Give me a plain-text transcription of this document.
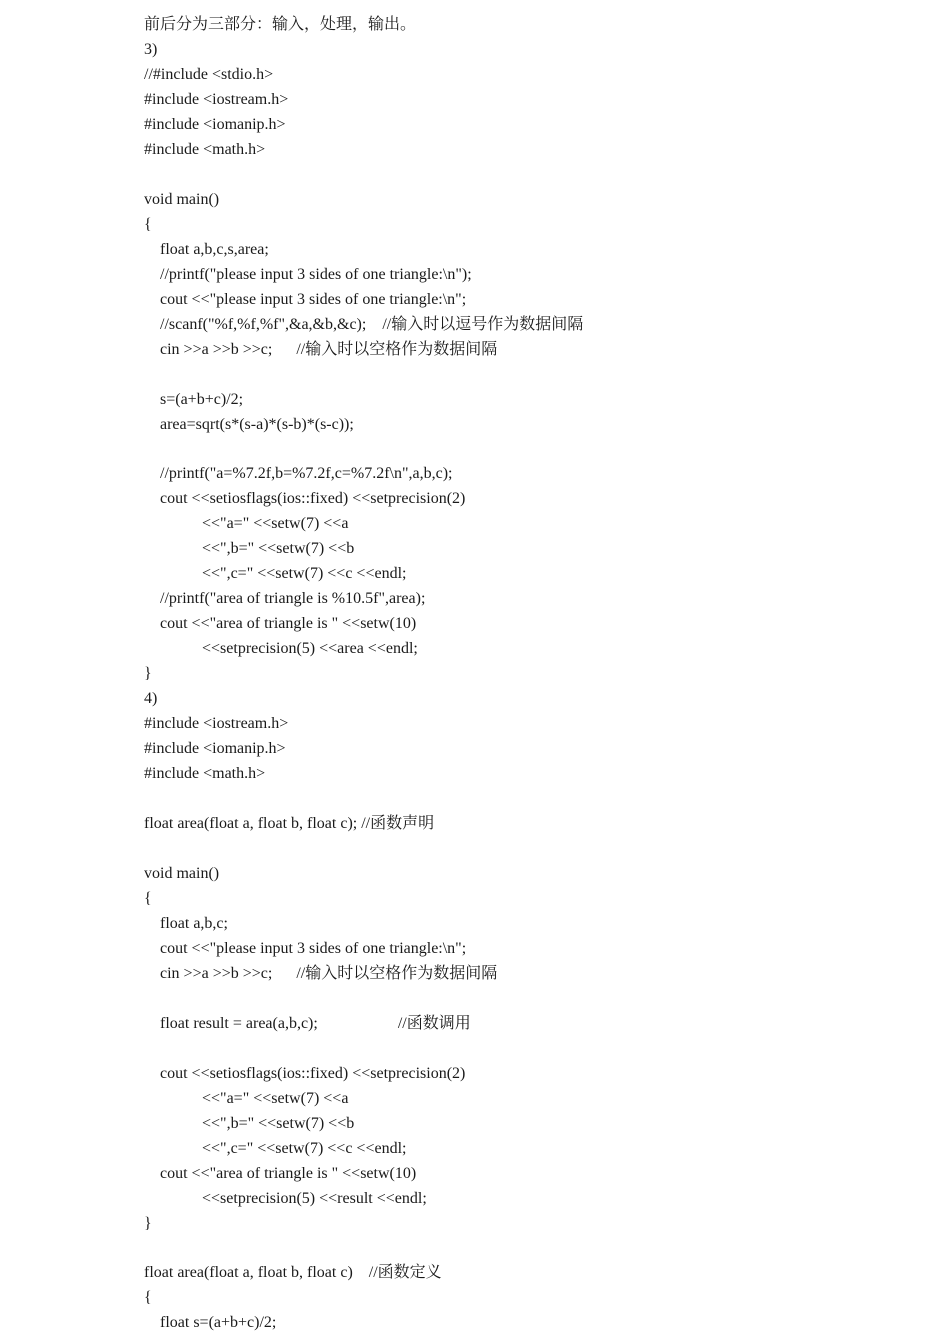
前后分为三部分：输入，处理，输出。
3)
//#include <stdio.h>
#include <iostream.h>
#include <iomanip.h>
#include <math.h>
void main()
{
float a,b,c,s,area;
//printf("please input 3 sides of one triangle:\n");
cout <<"please input 3 sides of one triangle:\n";
//scanf("%f,%f,%f",&a,&b,&c);    //输入时以逗号作为数据间隔
cin >>a >>b >>c;      //输入时以空格作为数据间隔
s=(a+b+c)/2;
area=sqrt(s*(s-a)*(s-b)*(s-c));
//printf("a=%7.2f,b=%7.2f,c=%7.2f\n",a,b,c);
cout <<setiosflags(ios::fixed) <<setprecision(2)
<<"a=" <<setw(7) <<a
<<",b=" <<setw(7) <<b
<<",c=" <<setw(7) <<c <<endl;
//printf("area of triangle is %10.5f",area);
cout <<"area of triangle is " <<setw(10)
<<setprecision(5) <<area <<endl;
}
4)
#include <iostream.h>
#include <iomanip.h>
#include <math.h>
float area(float a, float b, float c); //函数声明
void main()
{
float a,b,c;
cout <<"please input 3 sides of one triangle:\n";
cin >>a >>b >>c;      //输入时以空格作为数据间隔
float result = area(a,b,c);                    //函数调用
cout <<setiosflags(ios::fixed) <<setprecision(2)
<<"a=" <<setw(7) <<a
<<",b=" <<setw(7) <<b
<<",c=" <<setw(7) <<c <<endl;
cout <<"area of triangle is " <<setw(10)
<<setprecision(5) <<result <<endl;
}
float area(float a, float b, float c)    //函数定义
{
float s=(a+b+c)/2;
